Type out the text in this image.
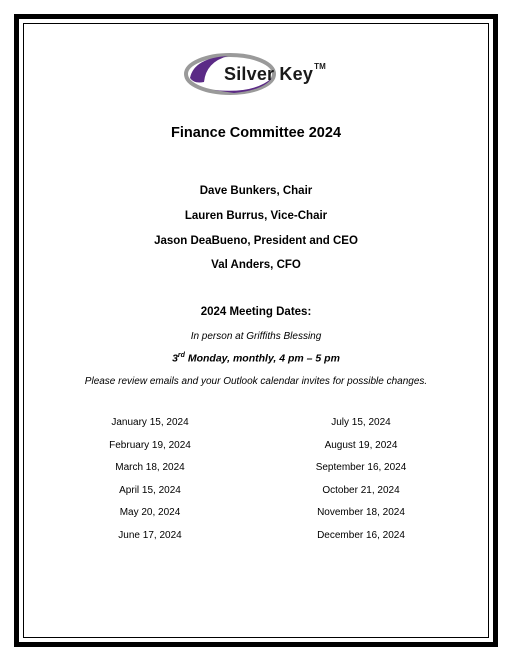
Silver Key™
Finance Committee 2024
Dave Bunkers, Chair
Lauren Burrus, Vice-Chair
Jason DeaBueno, President and CEO
Val Anders, CFO
2024 Meeting Dates:
In person at Griffiths Blessing
3rd Monday, monthly, 4 pm – 5 pm
Please review emails and your Outlook calendar invites for possible changes.
January 15, 2024
February 19, 2024
March 18, 2024
April 15, 2024
May 20, 2024
June 17, 2024
July 15, 2024
August 19, 2024
September 16, 2024
October 21, 2024
November 18, 2024
December 16, 2024
